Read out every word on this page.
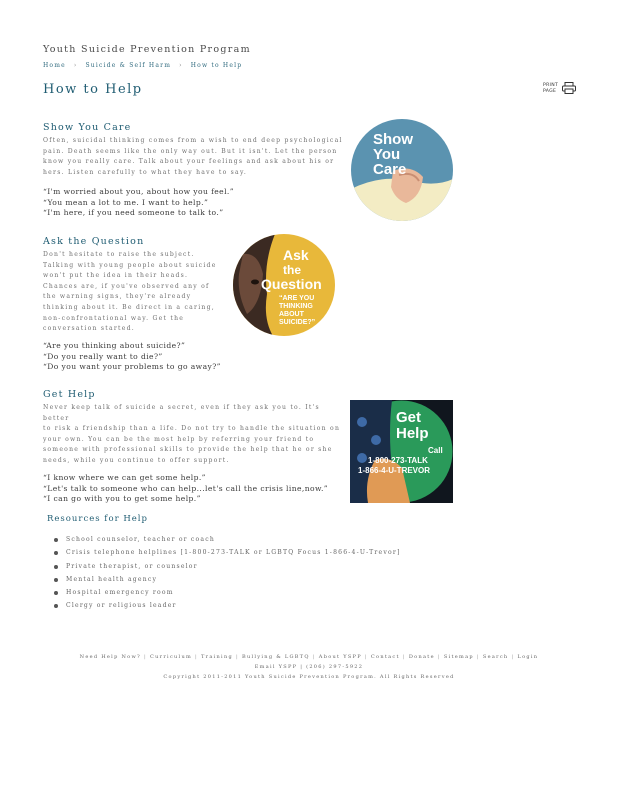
Youth Suicide Prevention Program
Home › Suicide & Self Harm › How to Help
How to Help	PRINT
PAGE
Show You Care
Often, suicidal thinking comes from a wish to end deep psychological
pain. Death seems like the only way out. But it isn't. Let the person
know you really care. Talk about your feelings and ask about his or
hers. Listen carefully to what they have to say.
“I'm worried about you, about how you feel.”
“You mean a lot to me. I want to help.”
“I'm here, if you need someone to talk to.”
Show
You
Care
Ask the Question
Don't hesitate to raise the subject.
Talking with young people about suicide
won't put the idea in their heads.
Chances are, if you've observed any of
the warning signs, they're already
thinking about it. Be direct in a caring,
non-confrontational way. Get the
conversation started.
“Are you thinking about suicide?”
“Do you really want to die?”
“Do you want your problems to go away?”
Ask
the
Question
“ARE YOU
THINKING
ABOUT
SUICIDE?”
Get Help
Never keep talk of suicide a secret, even if they ask you to. It's better
to risk a friendship than a life. Do not try to handle the situation on
your own. You can be the most help by referring your friend to
someone with professional skills to provide the help that he or she
needs, while you continue to offer support.
“I know where we can get some help.”
“Let's talk to someone who can help...let's call the crisis line,now.”
“I can go with you to get some help.”
Get
Help
Call
1-800-273-TALK
1-866-4-U-TREVOR
Resources for Help
School counselor, teacher or coach
Crisis telephone helplines [1-800-273-TALK or LGBTQ Focus 1-866-4-U-Trevor]
Private therapist, or counselor
Mental health agency
Hospital emergency room
Clergy or religious leader
Need Help Now? | Curriculum | Training | Bullying & LGBTQ | About YSPP | Contact | Donate | Sitemap | Search | Login
Email YSPP | (206) 297-5922
Copyright 2011-2011 Youth Suicide Prevention Program. All Rights Reserved
